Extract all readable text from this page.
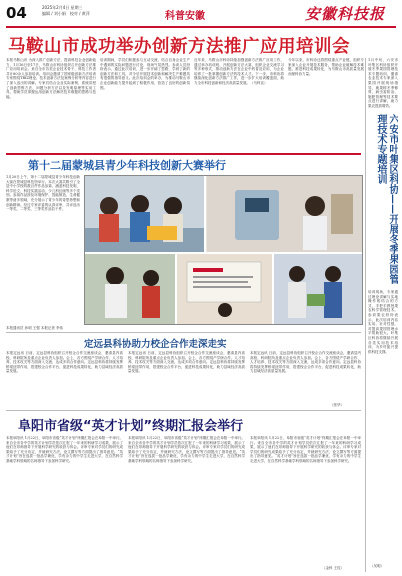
04	2025年2月4日 星期三
编辑 / 刘小娟　校对 / 黄萍	科普安徽	安徽科技报
马鞍山市成功举办创新方法推广应用培训会
本报马鞍山讯 为深入推广创新方法，提高科技企业创新能力，1月16日至17日，马鞍山市科协组织召开创新方法推广应用培训会。来自全市各类企业技术骨干、科技工作者共计80余人参加培训。培训会邀请了国家级创新方法培训专家围绕TRIZ理论、技术创新方法及案例分析等内容进行了深入浅出的讲解。专家们结合企业实际案例，系统讲授了创新思维方法、问题分析方法以及发明原理等实用工具，帮助学员掌握运用创新方法解决技术难题的思路与技能。
培训期间，学员们积极参与互动交流，结合自身企业生产中遇到的实际问题进行讨论，现场气氛热烈。参训人员纷纷表示，通过此次培训，进一步开阔了思路，学到了新的创新方法和工具，对今后开展技术创新和解决生产难题具有很强的指导意义。此次培训会的举办，为推动马鞍山市企业创新能力提升起到了积极作用，营造了良好的创新氛围。
近年来，马鞍山市科协持续加强创新方法推广应用工作，通过举办培训班、开展创新方法大赛、组织企业交流学习等多种形式，推动创新方法在企业中的普及应用，为企业培养了一批掌握创新方法的技术人才。下一步，市科协将继续深化创新方法推广工作，进一步扩大培训覆盖面，助力全市科技创新和经济高质量发展。（马科宣）
今年以来，市科协还将围绕重点产业链，组织专家深入企业开展技术服务，帮助企业破解技术难题，推进科技成果转化，为马鞍山市高质量发展贡献科协力量。
第十二届蒙城县青少年科技创新大赛举行
1月20日上午，第十二届蒙城县青少年科技创新大赛在蒙城县科技馆举行。本次大赛共吸引了全县中小学校的数百件作品参赛，涵盖科技发明、科学论文、科技实践活动、少儿科幻画等多个类别。参赛作品涉及环境保护、智能制造、生命健康等诸多领域，充分展示了青少年的奇思妙想和创新精神。经过专家评委的认真评审，共评选出一等奖、二等奖、三等奖作品若干件。
本报通讯员 孙明 王强 本报记者 李伟
定远县科协助力校企合作走深走实
本报定远讯 日前，定远县科协组织召开校企合作交流座谈会，邀请县内高校、科研院所及重点企业负责人参加。会上，各方围绕产学研合作、人才培养、技术攻关等方面深入交流，达成多项合作意向。定远县科协将持续发挥桥梁纽带作用，搭建校企合作平台，促进科技成果转化，助力县域经济高质量发展。
本报定远讯 日前，定远县科协组织召开校企合作交流座谈会，邀请县内高校、科研院所及重点企业负责人参加。会上，各方围绕产学研合作、人才培养、技术攻关等方面深入交流，达成多项合作意向。定远县科协将持续发挥桥梁纽带作用，搭建校企合作平台，促进科技成果转化，助力县域经济高质量发展。
本报定远讯 日前，定远县科协组织召开校企合作交流座谈会，邀请县内高校、科研院所及重点企业负责人参加。会上，各方围绕产学研合作、人才培养、技术攻关等方面深入交流，达成多项合作意向。定远县科协将持续发挥桥梁纽带作用，搭建校企合作平台，促进科技成果转化，助力县域经济高质量发展。
（张华）
阜阳市省级“英才计划”终期汇报会举行
本报阜阳讯 1月22日，阜阳市省级“英才计划”终期汇报会在阜阳一中举行。来自全市各中学的英才计划学员依次汇报了一年来的科研学习成果，展示了他们在导师指导下开展科学研究的收获与体会。评审专家对学员们的研究成果给予了充分肯定，并就研究方法、论文撰写等方面提出了指导意见。“英才计划”旨在选拔一批品学兼优、学有余力的中学生走进大学，在自然科学基础学科领域的名师指导下参加科学研究。
本报阜阳讯 1月22日，阜阳市省级“英才计划”终期汇报会在阜阳一中举行。来自全市各中学的英才计划学员依次汇报了一年来的科研学习成果，展示了他们在导师指导下开展科学研究的收获与体会。评审专家对学员们的研究成果给予了充分肯定，并就研究方法、论文撰写等方面提出了指导意见。“英才计划”旨在选拔一批品学兼优、学有余力的中学生走进大学，在自然科学基础学科领域的名师指导下参加科学研究。
本报阜阳讯 1月22日，阜阳市省级“英才计划”终期汇报会在阜阳一中举行。来自全市各中学的英才计划学员依次汇报了一年来的科研学习成果，展示了他们在导师指导下开展科学研究的收获与体会。评审专家对学员们的研究成果给予了充分肯定，并就研究方法、论文撰写等方面提出了指导意见。“英才计划”旨在选拔一批品学兼优、学有余力的中学生走进大学，在自然科学基础学科领域的名师指导下参加科学研究。
（金科 王柱）
1月中旬，六安市叶集区科协组织开展冬季果园管理技术专题培训，邀请农业技术专家深入果园开展现场指导，就果树冬季修剪、病虫害防治、施肥管理等技术要点进行讲解，助力果农提质增效。
六安市叶集区科协——开展冬季果园管理技术专题培训
培训现场，专家通过理论讲解与实地操作相结合的方式，手把手教授果农科学管理技术。参训果农纷纷表示，此次培训内容实用、针对性强，对提高果园管理水平帮助很大。叶集区科协将继续开展各类实用技术培训，为乡村振兴提供科技支撑。
（吴明）
